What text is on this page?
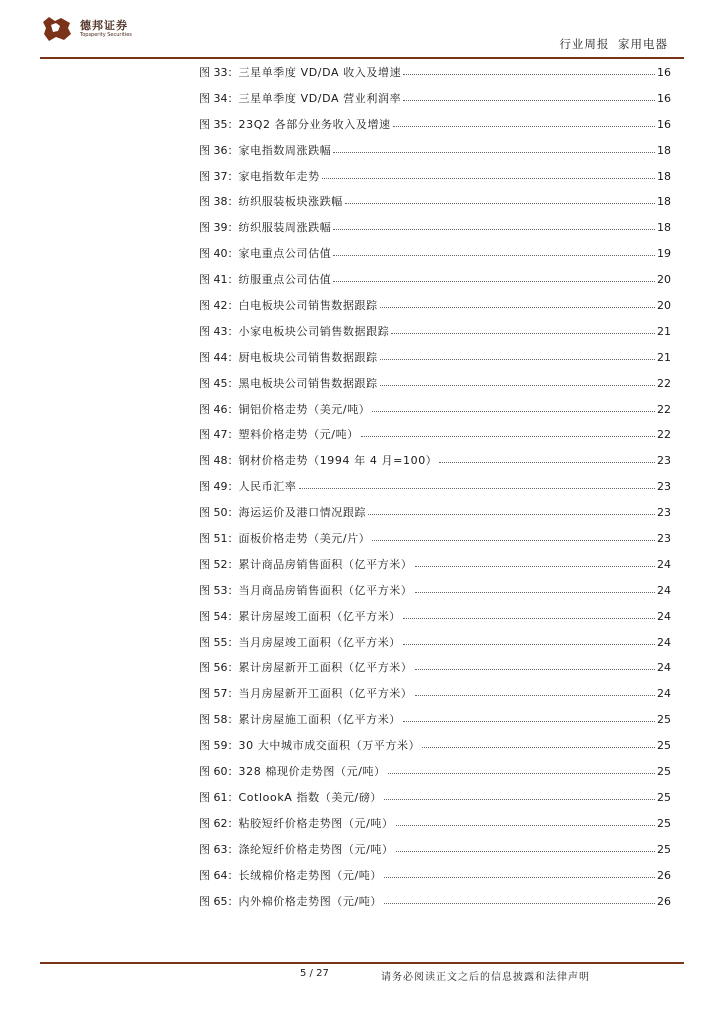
德邦证券
Topsperity Securities
行业周报 家用电器
图 33： 三星单季度 VD/DA 收入及增速	16
图 34： 三星单季度 VD/DA 营业利润率	16
图 35： 23Q2 各部分业务收入及增速	16
图 36： 家电指数周涨跌幅	18
图 37： 家电指数年走势	18
图 38： 纺织服装板块涨跌幅	18
图 39： 纺织服装周涨跌幅	18
图 40： 家电重点公司估值	19
图 41： 纺服重点公司估值	20
图 42： 白电板块公司销售数据跟踪	20
图 43： 小家电板块公司销售数据跟踪	21
图 44： 厨电板块公司销售数据跟踪	21
图 45： 黑电板块公司销售数据跟踪	22
图 46： 铜铝价格走势（美元/吨）	22
图 47： 塑料价格走势（元/吨）	22
图 48： 钢材价格走势（1994 年 4 月=100）	23
图 49： 人民币汇率	23
图 50： 海运运价及港口情况跟踪	23
图 51： 面板价格走势（美元/片）	23
图 52： 累计商品房销售面积（亿平方米）	24
图 53： 当月商品房销售面积（亿平方米）	24
图 54： 累计房屋竣工面积（亿平方米）	24
图 55： 当月房屋竣工面积（亿平方米）	24
图 56： 累计房屋新开工面积（亿平方米）	24
图 57： 当月房屋新开工面积（亿平方米）	24
图 58： 累计房屋施工面积（亿平方米）	25
图 59： 30 大中城市成交面积（万平方米）	25
图 60： 328 棉现价走势图（元/吨）	25
图 61： CotlookA 指数（美元/磅）	25
图 62： 粘胶短纤价格走势图（元/吨）	25
图 63： 涤纶短纤价格走势图（元/吨）	25
图 64： 长绒棉价格走势图（元/吨）	26
图 65： 内外棉价格走势图（元/吨）	26
5 / 27	请务必阅读正文之后的信息披露和法律声明
